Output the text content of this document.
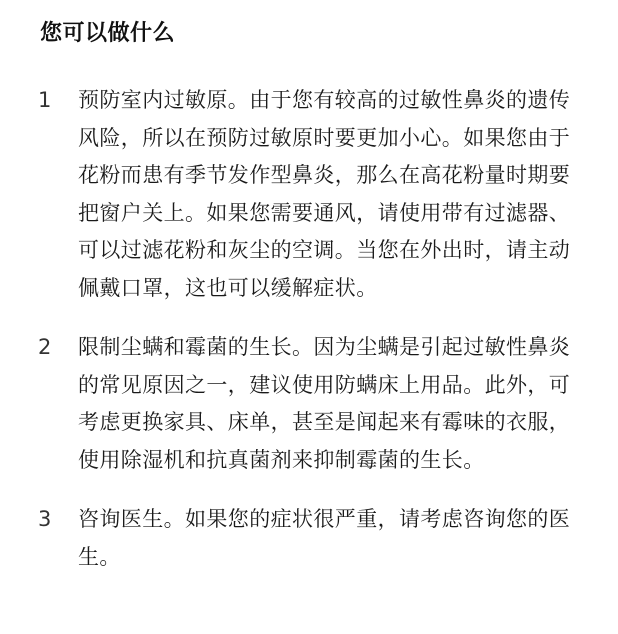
您可以做什么
1 预防室内过敏原。由于您有较高的过敏性鼻炎的遗传风险，所以在预防过敏原时要更加小心。如果您由于花粉而患有季节发作型鼻炎，那么在高花粉量时期要把窗户关上。如果您需要通风，请使用带有过滤器、可以过滤花粉和灰尘的空调。当您在外出时，请主动佩戴口罩，这也可以缓解症状。
2 限制尘螨和霉菌的生长。因为尘螨是引起过敏性鼻炎的常见原因之一，建议使用防螨床上用品。此外，可考虑更换家具、床单，甚至是闻起来有霉味的衣服，使用除湿机和抗真菌剂来抑制霉菌的生长。
3 咨询医生。如果您的症状很严重，请考虑咨询您的医生。
